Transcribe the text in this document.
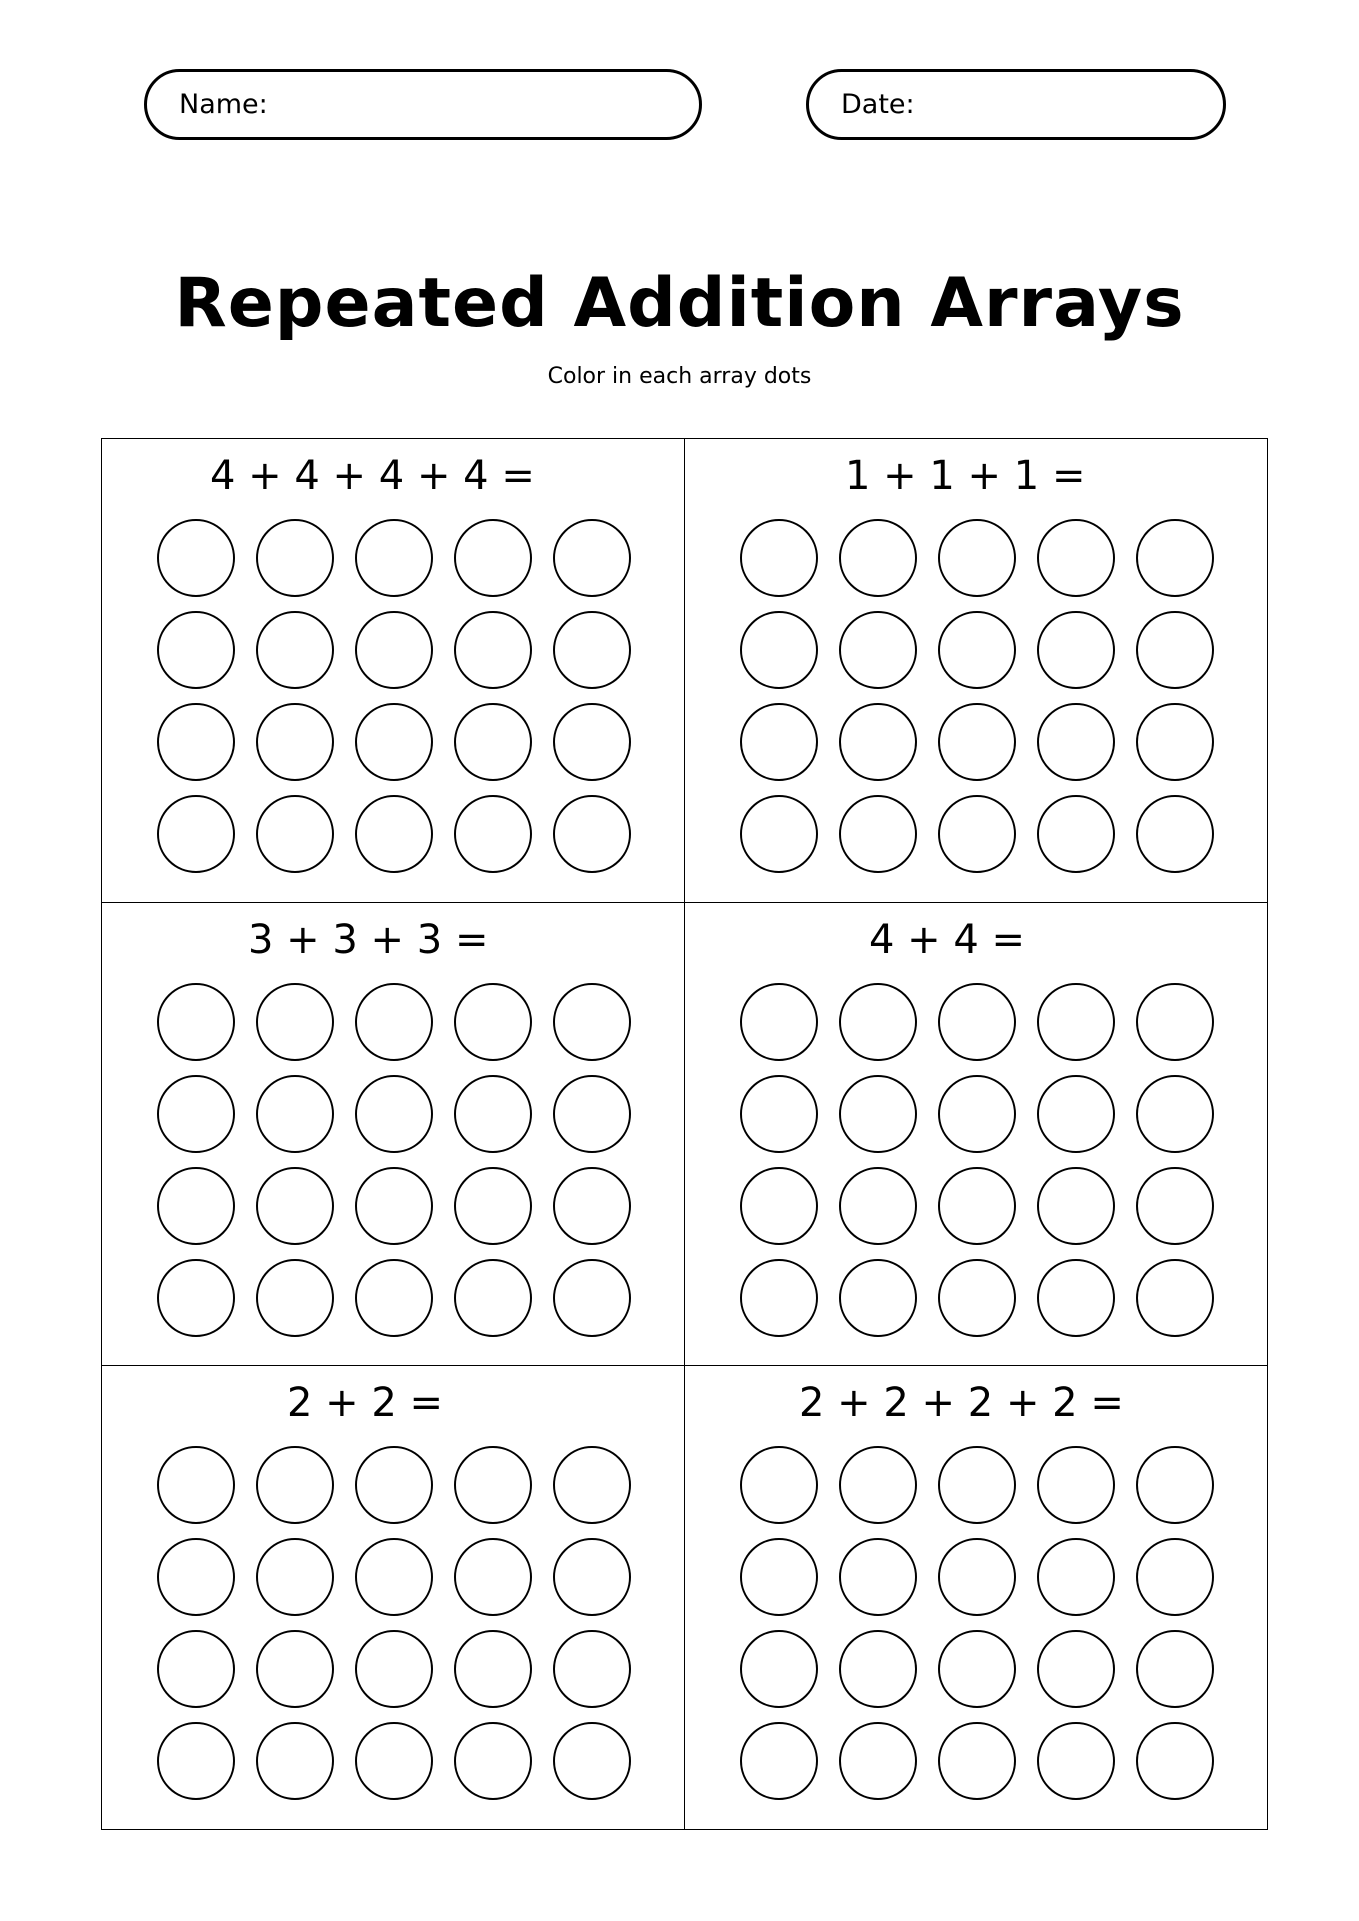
Name:	Date:
Repeated Addition Arrays
Color in each array dots
4 + 4 + 4 + 4 =	1 + 1 + 1 =
3 + 3 + 3 =	4 + 4 =
2 + 2 =	2 + 2 + 2 + 2 =
